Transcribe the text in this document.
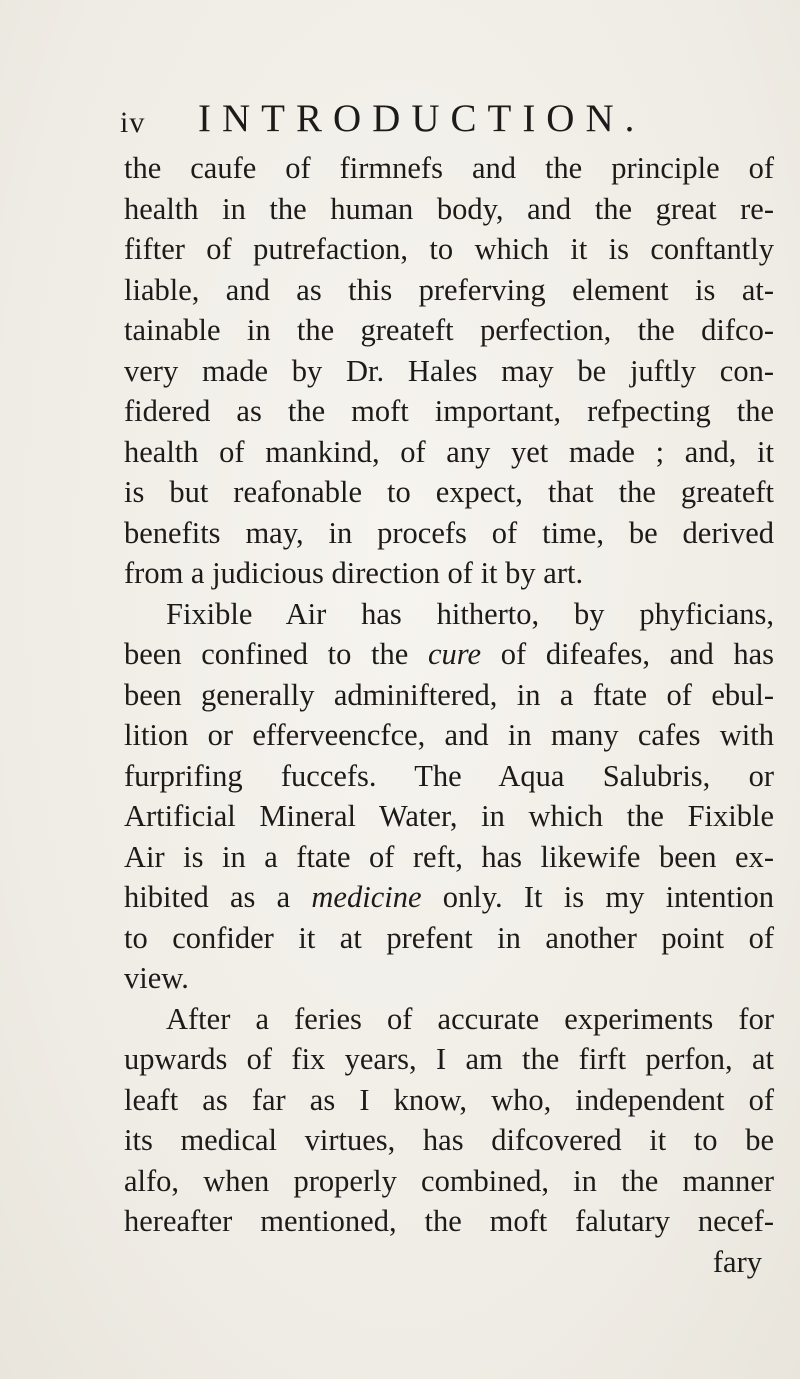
iv INTRODUCTION.
the caufe of firmnefs and the principle of
health in the human body, and the great re-
fifter of putrefaction, to which it is conftantly
liable, and as this preferving element is at-
tainable in the greateft perfection, the difco-
very made by Dr. Hales may be juftly con-
fidered as the moft important, refpecting the
health of mankind, of any yet made ; and, it
is but reafonable to expect, that the greateft
benefits may, in procefs of time, be derived
from a judicious direction of it by art.
Fixible Air has hitherto, by phyficians,
been confined to the cure of difeafes, and has
been generally adminiftered, in a ftate of ebul-
lition or efferveencfce, and in many cafes with
furprifing fuccefs. The Aqua Salubris, or
Artificial Mineral Water, in which the Fixible
Air is in a ftate of reft, has likewife been ex-
hibited as a medicine only. It is my intention
to confider it at prefent in another point of
view.
After a feries of accurate experiments for
upwards of fix years, I am the firft perfon, at
leaft as far as I know, who, independent of
its medical virtues, has difcovered it to be
alfo, when properly combined, in the manner
hereafter mentioned, the moft falutary necef-
fary
